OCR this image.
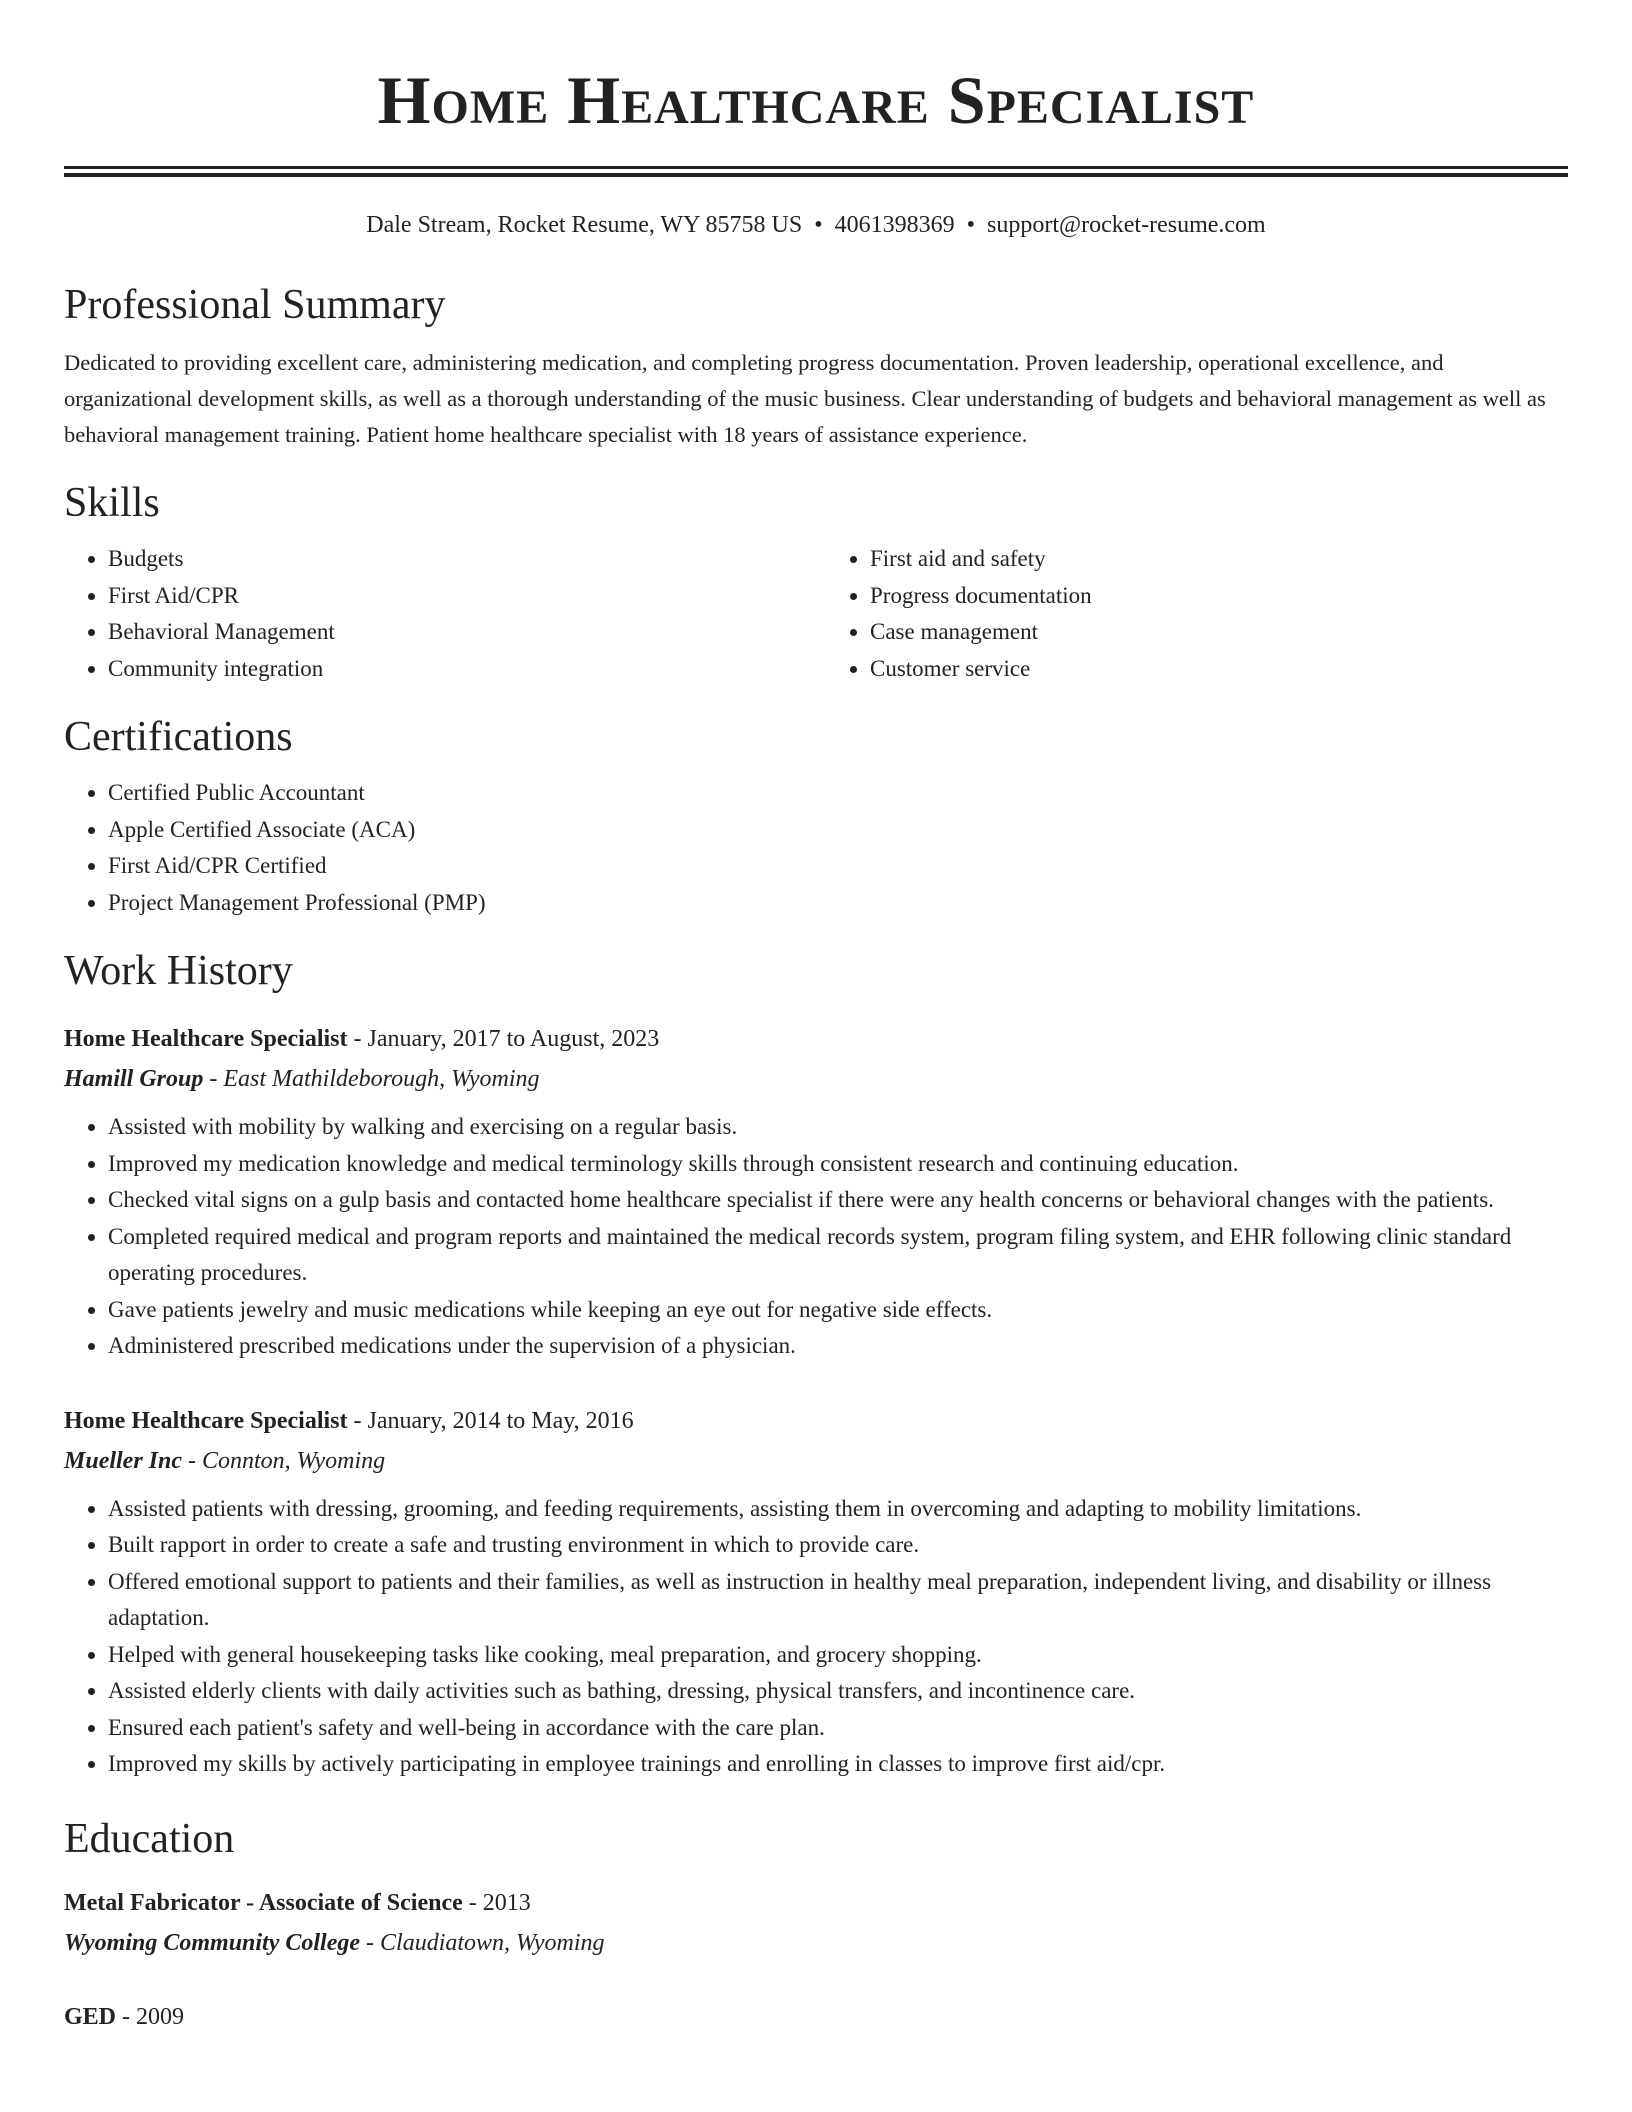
Home Healthcare Specialist
Dale Stream, Rocket Resume, WY 85758 US • 4061398369 • support@rocket-resume.com
Professional Summary

Dedicated to providing excellent care, administering medication, and completing progress documentation. Proven leadership, operational excellence, and organizational development skills, as well as a thorough understanding of the music business. Clear understanding of budgets and behavioral management as well as behavioral management training. Patient home healthcare specialist with 18 years of assistance experience.

Skills
• Budgets
• First Aid/CPR
• Behavioral Management
• Community integration
• First aid and safety
• Progress documentation
• Case management
• Customer service
Certifications
• Certified Public Accountant
• Apple Certified Associate (ACA)
• First Aid/CPR Certified
• Project Management Professional (PMP)
Work History
Home Healthcare Specialist - January, 2017 to August, 2023
Hamill Group - East Mathildeborough, Wyoming
• Assisted with mobility by walking and exercising on a regular basis.
• Improved my medication knowledge and medical terminology skills through consistent research and continuing education.
• Checked vital signs on a gulp basis and contacted home healthcare specialist if there were any health concerns or behavioral changes with the patients.
• Completed required medical and program reports and maintained the medical records system, program filing system, and EHR following clinic standard operating procedures.
• Gave patients jewelry and music medications while keeping an eye out for negative side effects.
• Administered prescribed medications under the supervision of a physician.
Home Healthcare Specialist - January, 2014 to May, 2016
Mueller Inc - Connton, Wyoming
• Assisted patients with dressing, grooming, and feeding requirements, assisting them in overcoming and adapting to mobility limitations.
• Built rapport in order to create a safe and trusting environment in which to provide care.
• Offered emotional support to patients and their families, as well as instruction in healthy meal preparation, independent living, and disability or illness adaptation.
• Helped with general housekeeping tasks like cooking, meal preparation, and grocery shopping.
• Assisted elderly clients with daily activities such as bathing, dressing, physical transfers, and incontinence care.
• Ensured each patient's safety and well-being in accordance with the care plan.
• Improved my skills by actively participating in employee trainings and enrolling in classes to improve first aid/cpr.
Education
Metal Fabricator - Associate of Science - 2013
Wyoming Community College - Claudiatown, Wyoming
GED - 2009
